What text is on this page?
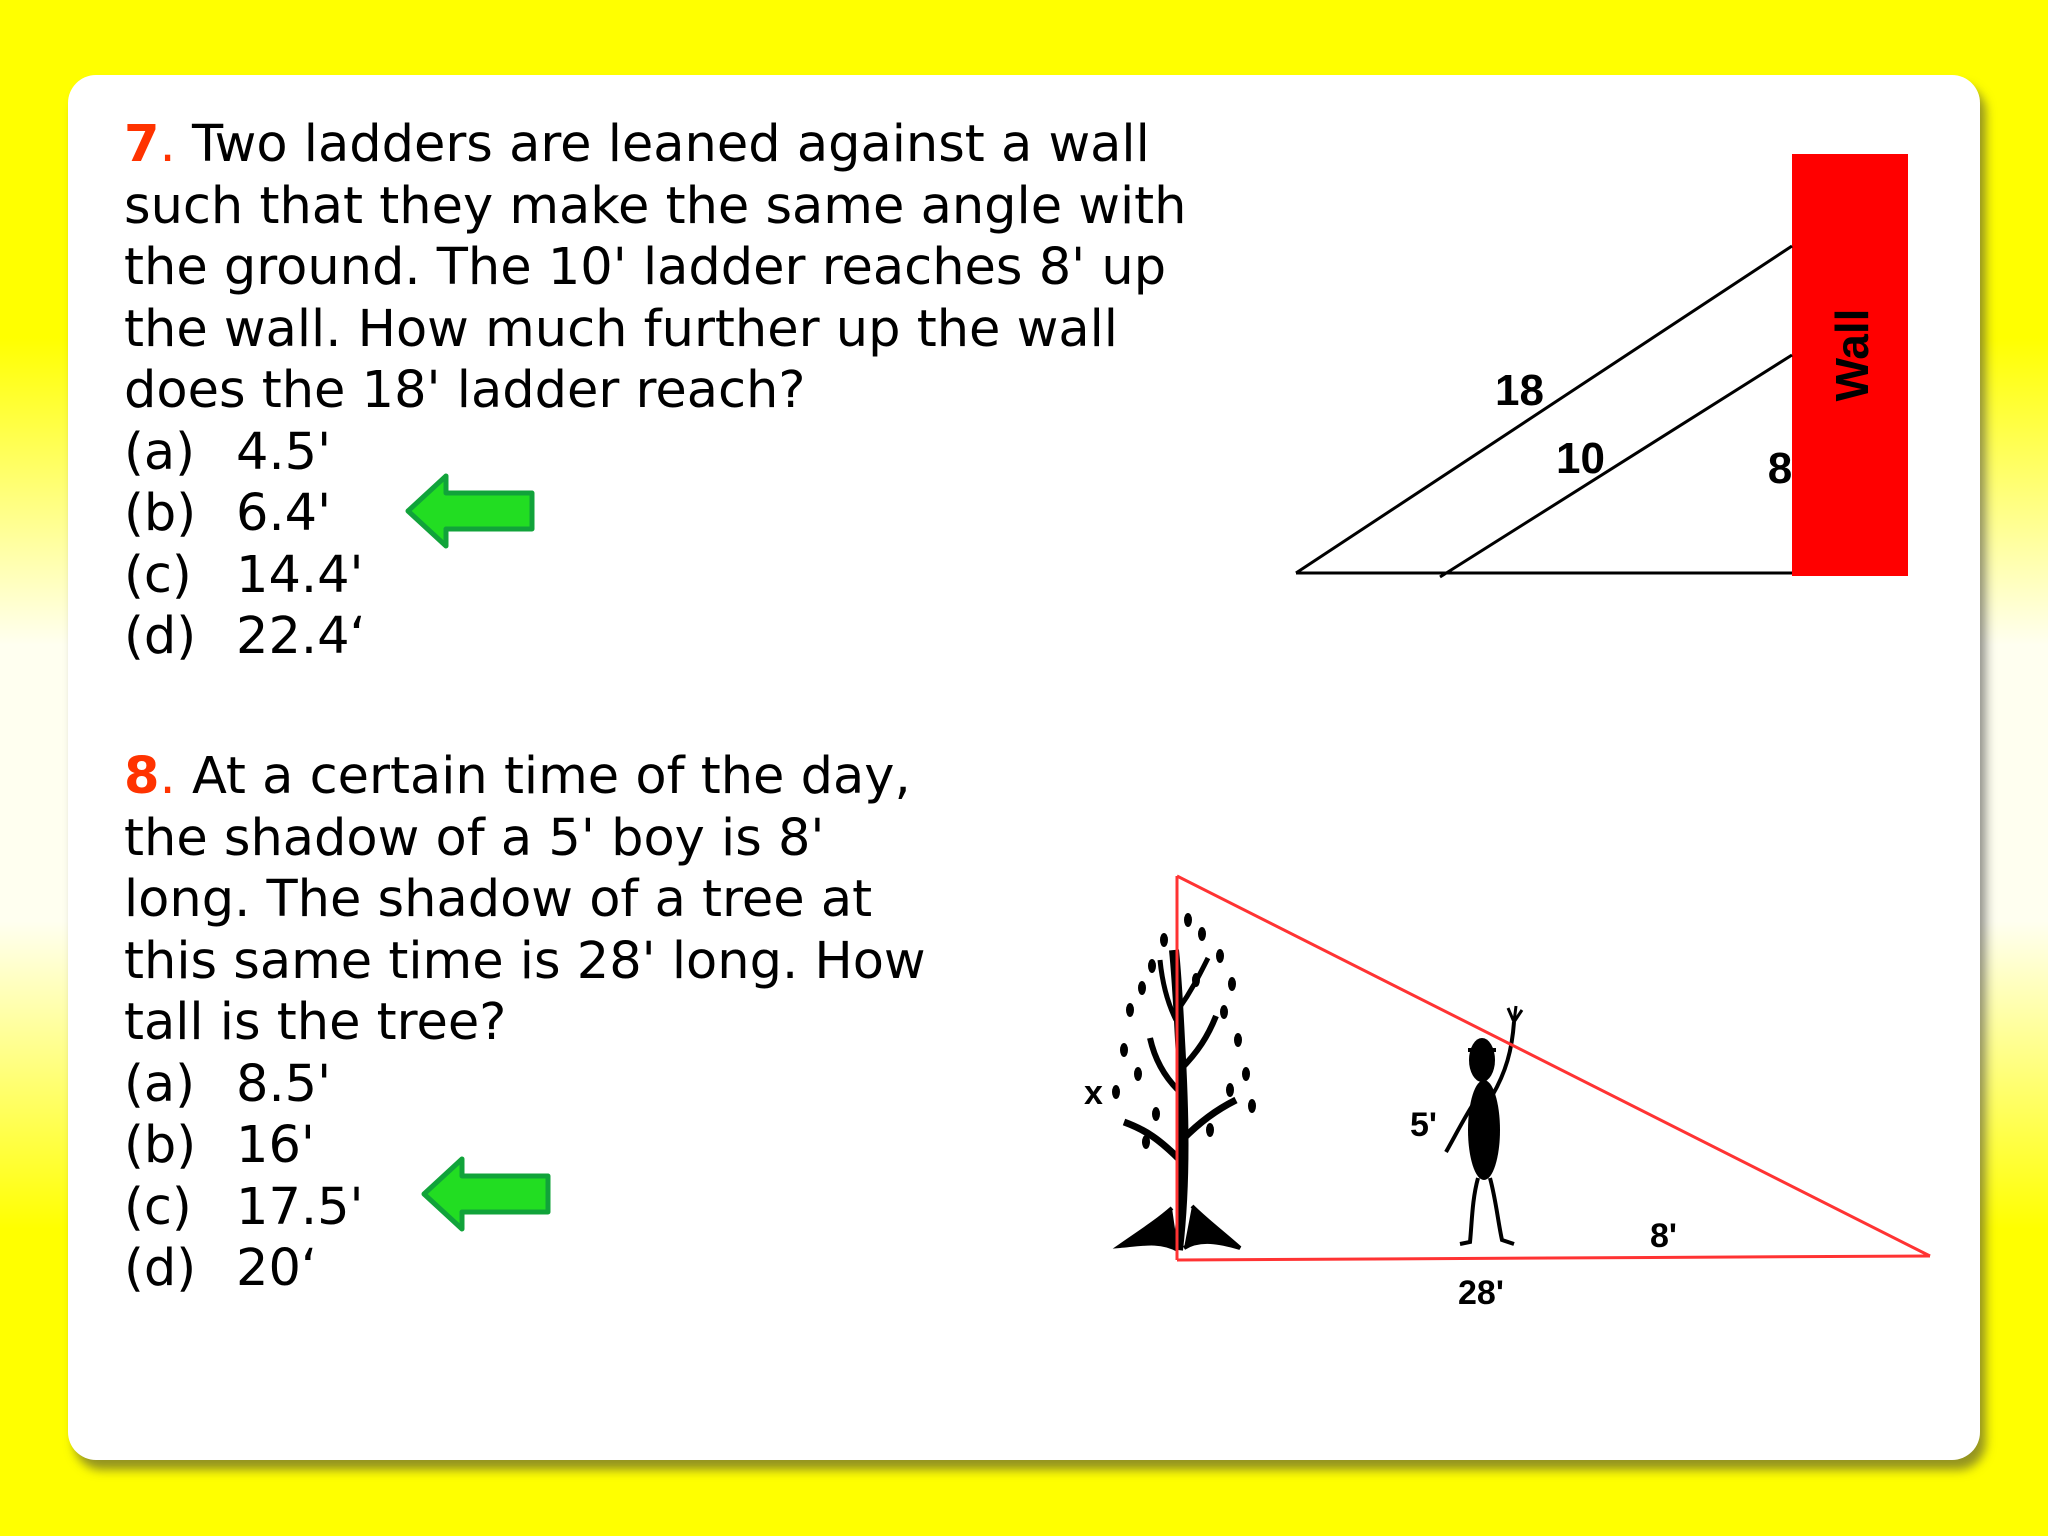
7. Two ladders are leaned against a wall
such that they make the same angle with
the ground. The 10' ladder reaches 8' up
the wall. How much further up the wall
does the 18' ladder reach?
(a) 4.5'
(b) 6.4'
(c) 14.4'
(d) 22.4‘
8. At a certain time of the day,
the shadow of a 5' boy is 8'
long. The shadow of a tree at
this same time is 28' long. How
tall is the tree?
(a) 8.5'
(b) 16'
(c) 17.5'
(d) 20‘
Wall
18
10	8
x
5'
8'
28'
